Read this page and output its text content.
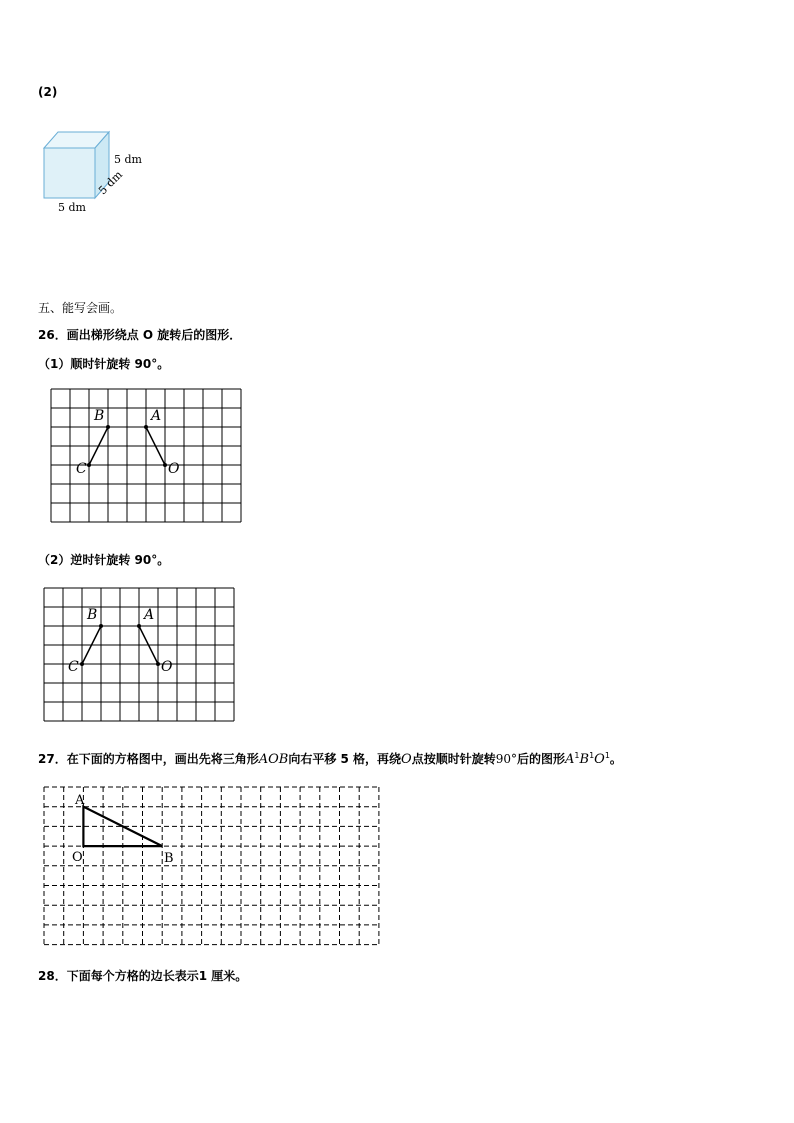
(2)
5 dm
5 dm
5 dm
五、能写会画。
26．画出梯形绕点 O 旋转后的图形．
（1）顺时针旋转 90°。
B	A
C	O
（2）逆时针旋转 90°。
B	A
C	O
27．在下面的方格图中，画出先将三角形AOB向右平移 5 格，再绕O点按顺时针旋转90°后的图形$A^1B^1O^1$。
A
O	B
28．下面每个方格的边长表示1 厘米。
